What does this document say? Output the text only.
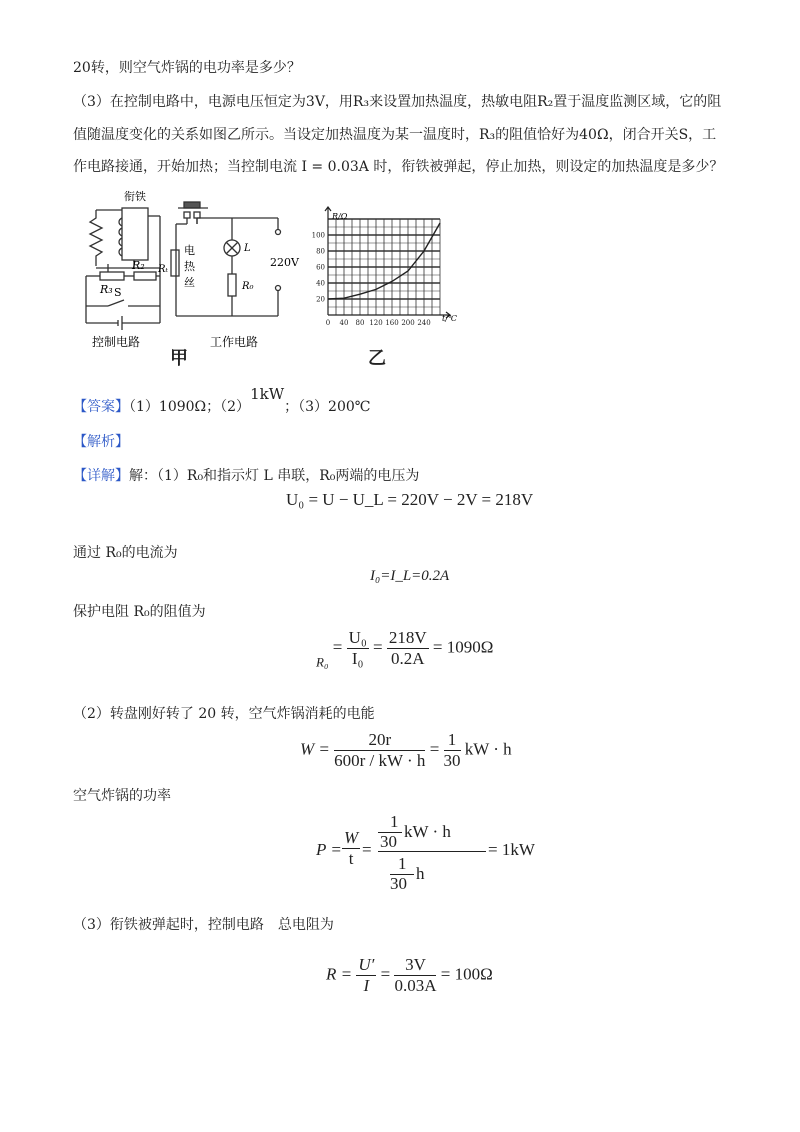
20转，则空气炸锅的电功率是多少？
（3）在控制电路中，电源电压恒定为3V，用R₃来设置加热温度，热敏电阻R₂置于温度监测区域，它的阻
值随温度变化的关系如图乙所示。当设定加热温度为某一温度时，R₃的阻值恰好为40Ω，闭合开关S，工
作电路接通，开始加热；当控制电流 I = 0.03A 时，衔铁被弹起，停止加热，则设定的加热温度是多少？
衔铁
R₂
R₃ S
控制电路
Rₜ
电
热
丝
L
R₀
220V
工作电路
甲
0 40 80 120 160 200 240
20
40
60
80
100
R/Ω
t/℃
乙
【答案】（1）1090Ω；（2）1kW；（3）200℃
【解析】
【详解】解：（1）R₀和指示灯 L 串联，R₀两端的电压为
U₀ = U − U_L = 220V − 2V = 218V
通过 R₀的电流为
I₀=I_L=0.2A
保护电阻 R₀的阻值为
$_{R_0} = \frac{\text{U₀}}{\text{I₀}} = \frac{218V}{0.2A} = 1090\Omega$
（2）转盘刚好转了 20 转，空气炸锅消耗的电能
$W = \frac{20r}{600r / kW \cdot h} = \frac{1}{30}$ kW · h
空气炸锅的功率
$P = \frac{W}{t}$ =
1
30
kW · h
1
30
h
= 1kW
（3）衔铁被弹起时，控制电路　总电阻为
$R = \frac{U'}{I} = \frac{3V}{0.03A} = 100\Omega$
